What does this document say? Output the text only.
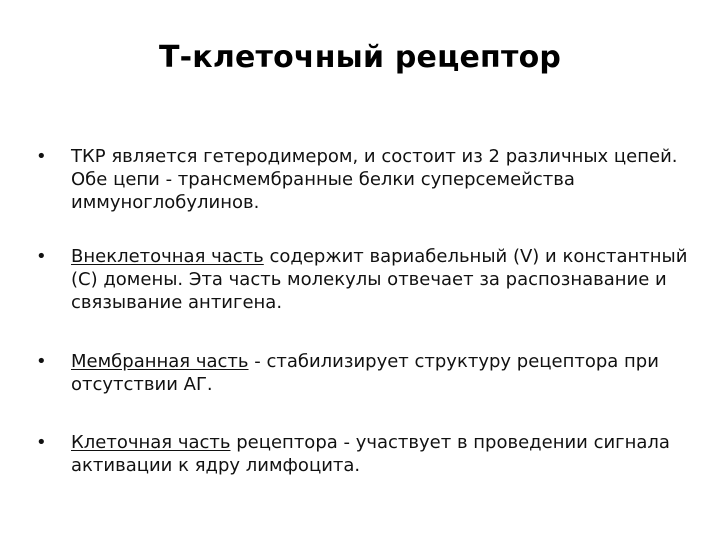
Т-клеточный рецептор
•	ТКР является гетеродимером, и состоит из 2 различных цепей. Обе цепи - трансмембранные белки суперсемейства иммуноглобулинов.
•	Внеклеточная часть содержит вариабельный (V) и константный (C) домены. Эта часть молекулы отвечает за распознавание и связывание антигена.
•	Мембранная часть - стабилизирует структуру рецептора при отсутствии АГ.
•	Клеточная часть рецептора - участвует в проведении сигнала активации к ядру лимфоцита.
